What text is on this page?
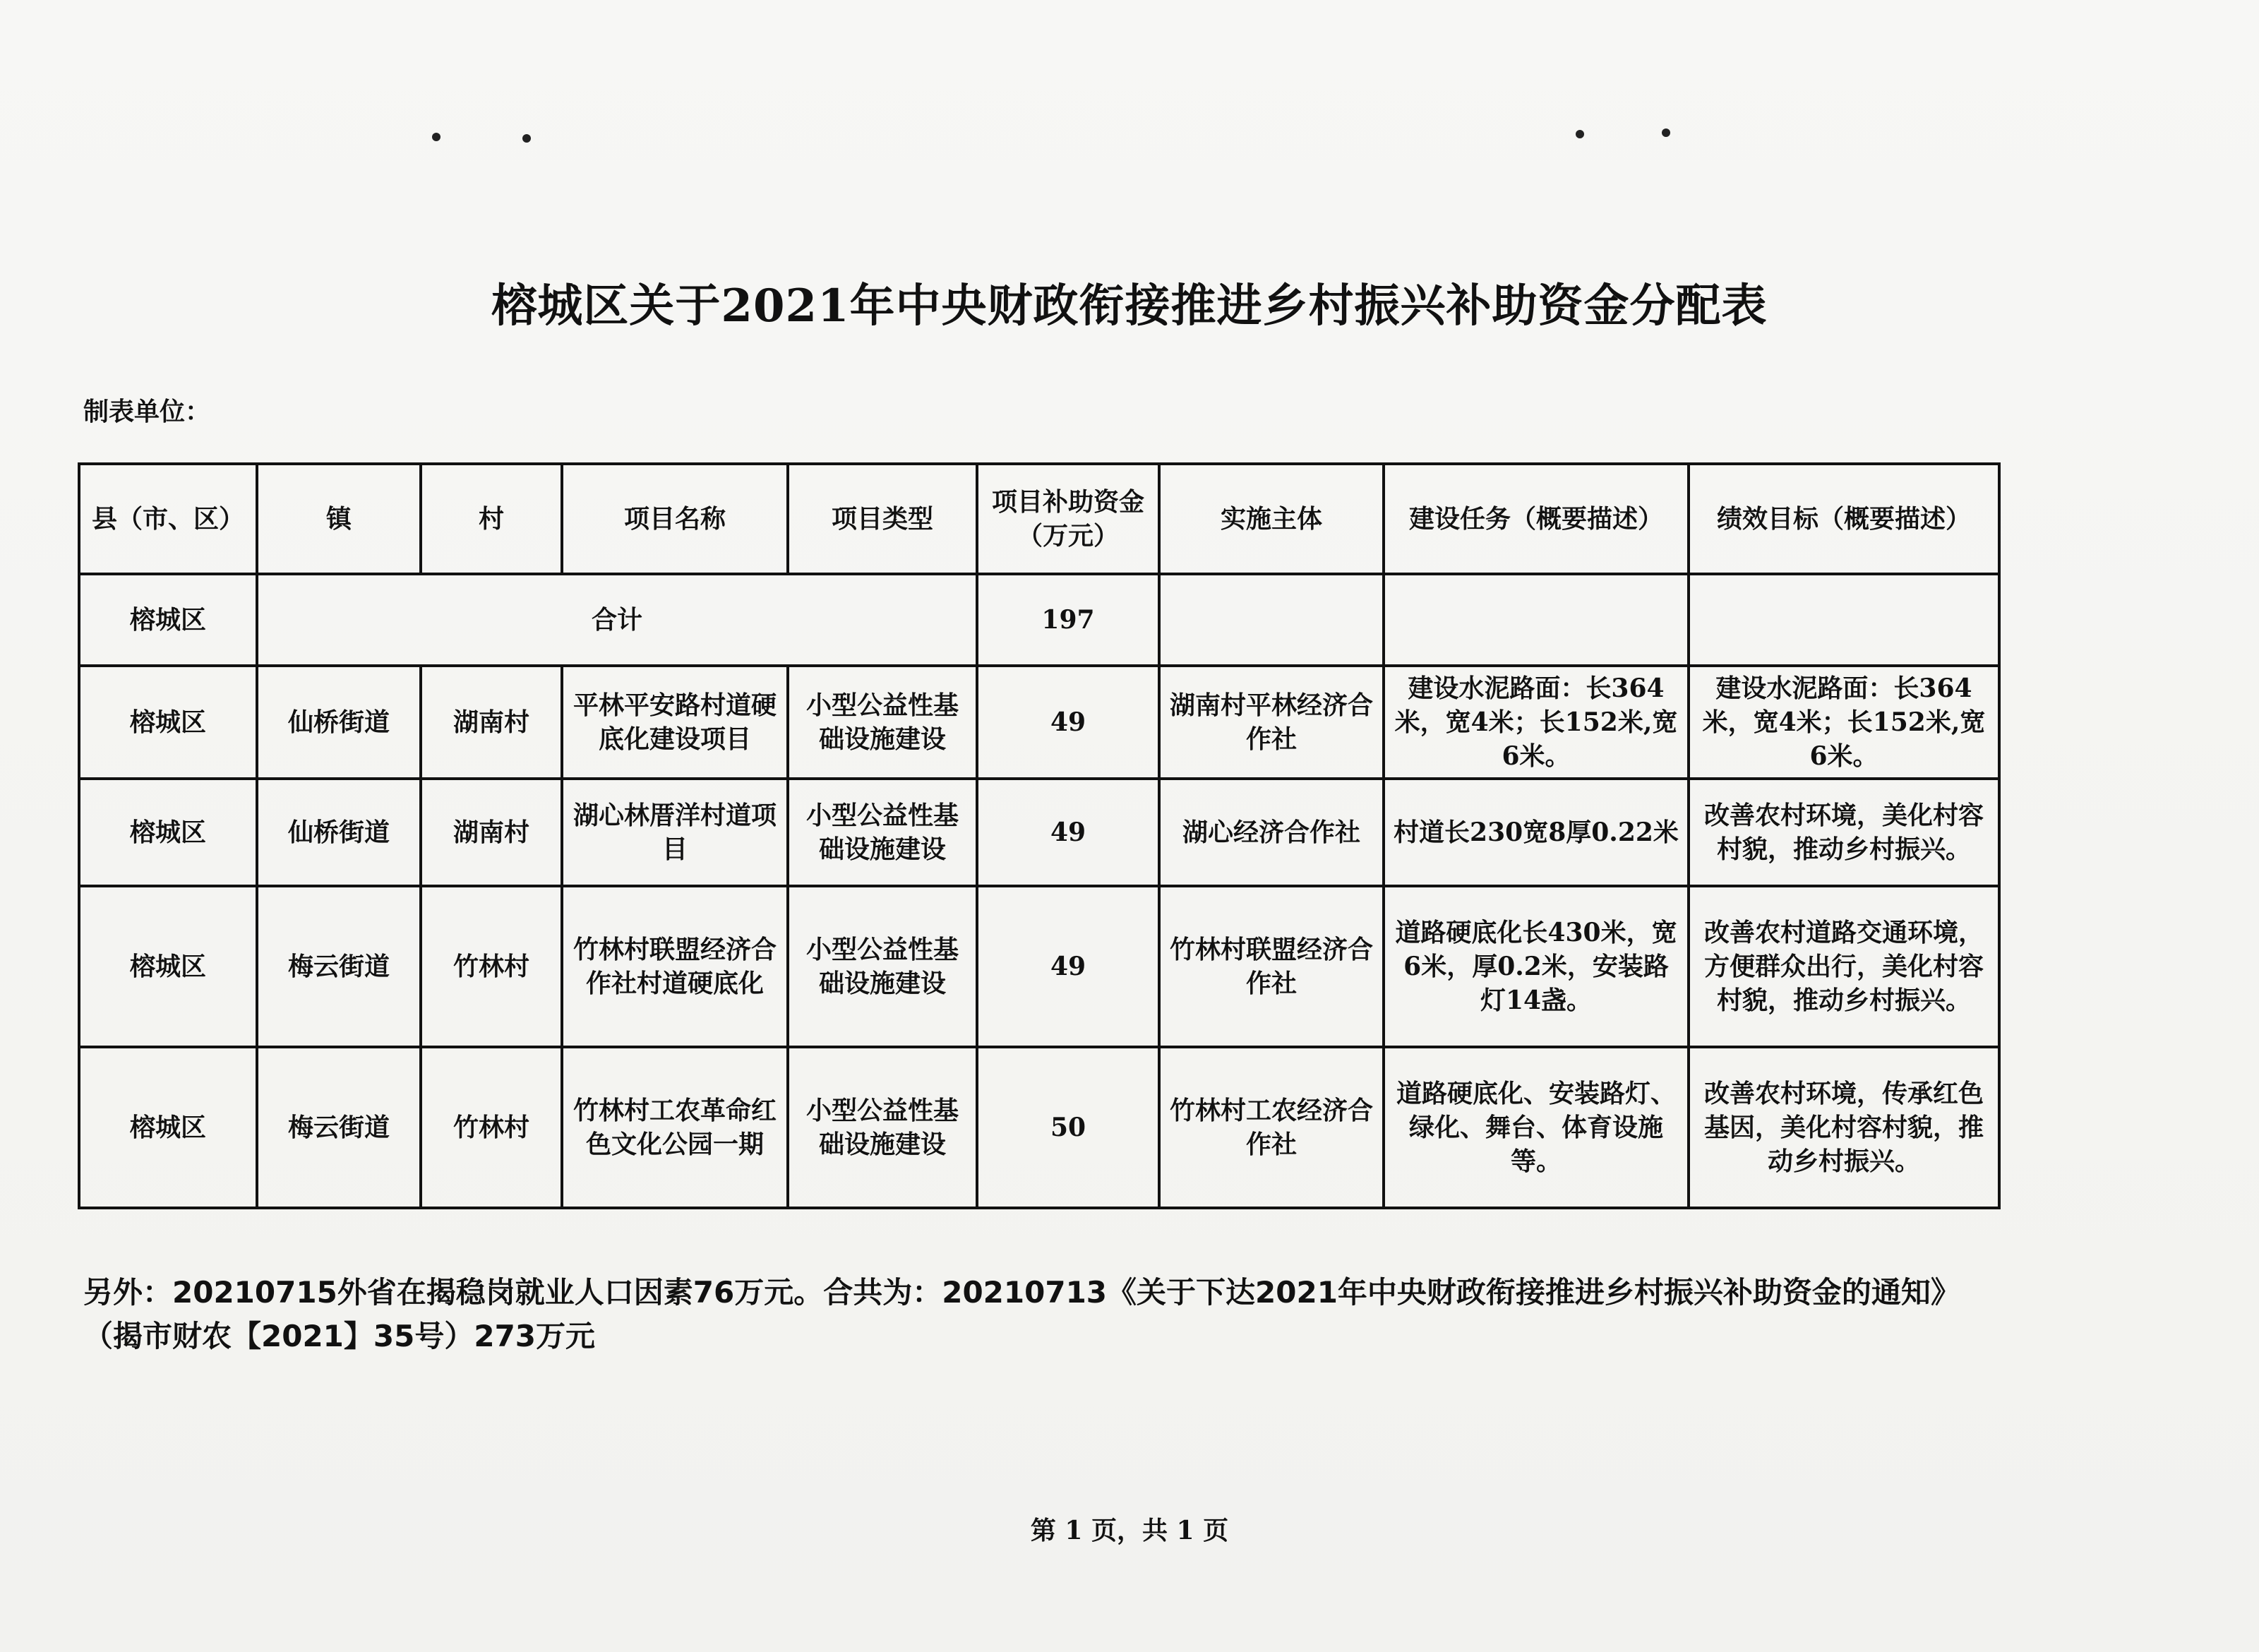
榕城区关于2021年中央财政衔接推进乡村振兴补助资金分配表
制表单位：
县（市、区）	镇	村	项目名称	项目类型	项目补助资金（万元）	实施主体	建设任务（概要描述）	绩效目标（概要描述）
榕城区	合计				197			
榕城区	仙桥街道	湖南村	平林平安路村道硬底化建设项目	小型公益性基础设施建设	49	湖南村平林经济合作社	建设水泥路面：长364米，宽4米；长152米,宽6米。	建设水泥路面：长364米，宽4米；长152米,宽6米。
榕城区	仙桥街道	湖南村	湖心林厝洋村道项目	小型公益性基础设施建设	49	湖心经济合作社	村道长230宽8厚0.22米	改善农村环境，美化村容村貌，推动乡村振兴。
榕城区	梅云街道	竹林村	竹林村联盟经济合作社村道硬底化	小型公益性基础设施建设	49	竹林村联盟经济合作社	道路硬底化长430米，宽6米，厚0.2米，安装路灯14盏。	改善农村道路交通环境，方便群众出行，美化村容村貌，推动乡村振兴。
榕城区	梅云街道	竹林村	竹林村工农革命红色文化公园一期	小型公益性基础设施建设	50	竹林村工农经济合作社	道路硬底化、安装路灯、绿化、舞台、体育设施等。	改善农村环境，传承红色基因，美化村容村貌，推动乡村振兴。
另外：20210715外省在揭稳岗就业人口因素76万元。合共为：20210713《关于下达2021年中央财政衔接推进乡村振兴补助资金的通知》（揭市财农【2021】35号）273万元
第 1 页，共 1 页
